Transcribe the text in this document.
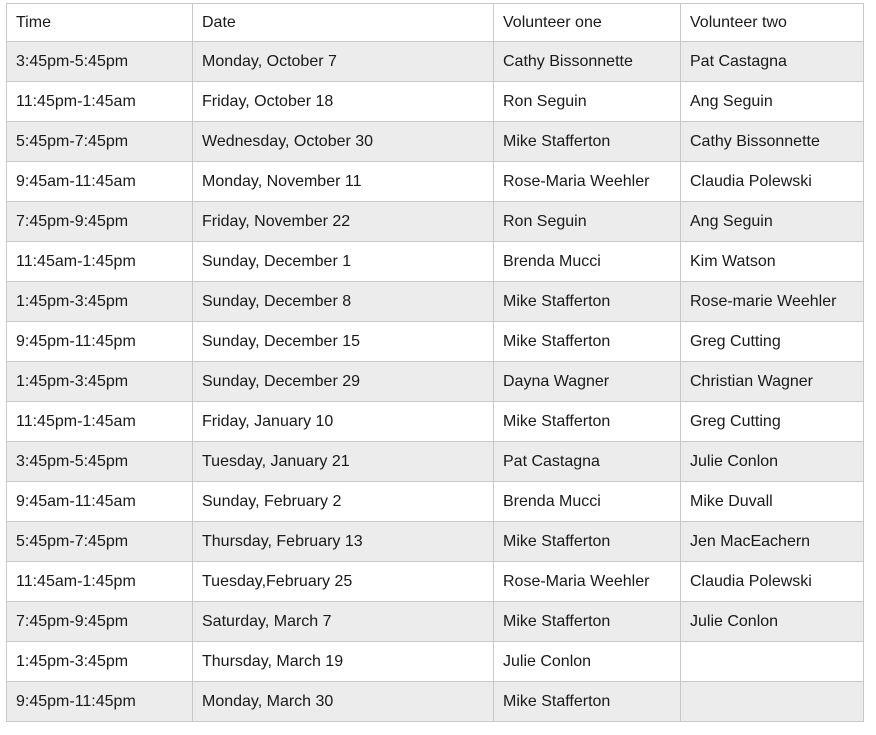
Time	Date	Volunteer one	Volunteer two
3:45pm-5:45pm	Monday, October 7	Cathy Bissonnette	Pat Castagna
11:45pm-1:45am	Friday, October 18	Ron Seguin	Ang Seguin
5:45pm-7:45pm	Wednesday, October 30	Mike Stafferton	Cathy Bissonnette
9:45am-11:45am	Monday, November 11	Rose-Maria Weehler	Claudia Polewski
7:45pm-9:45pm	Friday, November 22	Ron Seguin	Ang Seguin
11:45am-1:45pm	Sunday, December 1	Brenda Mucci	Kim Watson
1:45pm-3:45pm	Sunday, December 8	Mike Stafferton	Rose-marie Weehler
9:45pm-11:45pm	Sunday, December 15	Mike Stafferton	Greg Cutting
1:45pm-3:45pm	Sunday, December 29	Dayna Wagner	Christian Wagner
11:45pm-1:45am	Friday, January 10	Mike Stafferton	Greg Cutting
3:45pm-5:45pm	Tuesday, January 21	Pat Castagna	Julie Conlon
9:45am-11:45am	Sunday, February 2	Brenda Mucci	Mike Duvall
5:45pm-7:45pm	Thursday, February 13	Mike Stafferton	Jen MacEachern
11:45am-1:45pm	Tuesday,February 25	Rose-Maria Weehler	Claudia Polewski
7:45pm-9:45pm	Saturday, March 7	Mike Stafferton	Julie Conlon
1:45pm-3:45pm	Thursday, March 19	Julie Conlon	
9:45pm-11:45pm	Monday, March 30	Mike Stafferton	
